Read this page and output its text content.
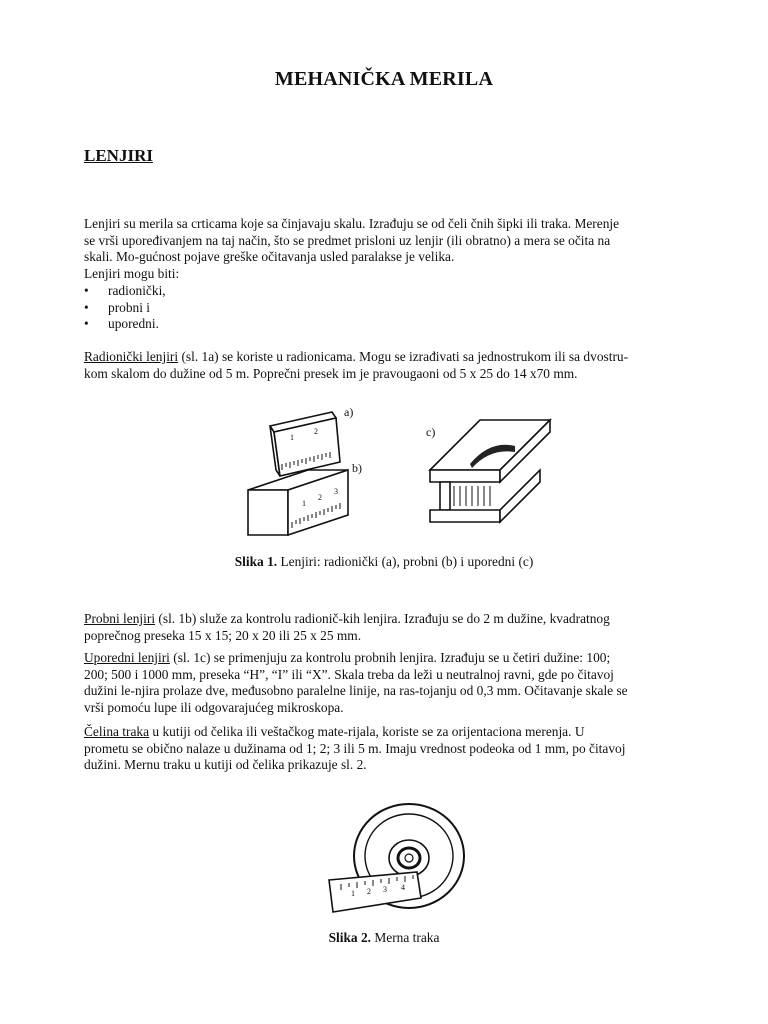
MEHANIČKA MERILA
LENJIRI
Lenjiri su merila sa crticama koje sa činjavaju skalu. Izrađuju se od čeli čnih šipki ili traka. Merenje
se vrši upoređivanjem na taj način, što se predmet prisloni uz lenjir (ili obratno) a mera se očita na
skali. Mo-gućnost pojave greške očitavanja usled paralakse je velika.
Lenjiri mogu biti:
•	radionički,
•	probni i
•	uporedni.
Radionički lenjiri (sl. 1a) se koriste u radionicama. Mogu se izrađivati sa jednostrukom ili sa dvostru-
kom skalom do dužine od 5 m. Poprečni presek im je pravougaoni od 5 x 25 do 14 x70 mm.
1
2
1
2
3
a)
b)
c)
Slika 1. Lenjiri: radionički (a), probni (b) i uporedni (c)
Probni lenjiri (sl. 1b) služe za kontrolu radionič-kih lenjira. Izrađuju se do 2 m dužine, kvadratnog
poprečnog preseka 15 x 15; 20 x 20 ili 25 x 25 mm.
Uporedni lenjiri (sl. 1c) se primenjuju za kontrolu probnih lenjira. Izrađuju se u četiri dužine: 100;
200; 500 i 1000 mm, preseka “H”, “I” ili “X”. Skala treba da leži u neutralnoj ravni, gde po čitavoj
dužini le-njira prolaze dve, međusobno paralelne linije, na ras-tojanju od 0,3 mm. Očitavanje skale se
vrši pomoću lupe ili odgovarajućeg mikroskopa.
Čelina traka u kutiji od čelika ili veštačkog mate-rijala, koriste se za orijentaciona merenja. U
prometu se obično nalaze u dužinama od 1; 2; 3 ili 5 m. Imaju vrednost podeoka od 1 mm, po čitavoj
dužini. Mernu traku u kutiji od čelika prikazuje sl. 2.
1 2 3 4
Slika 2. Merna traka
